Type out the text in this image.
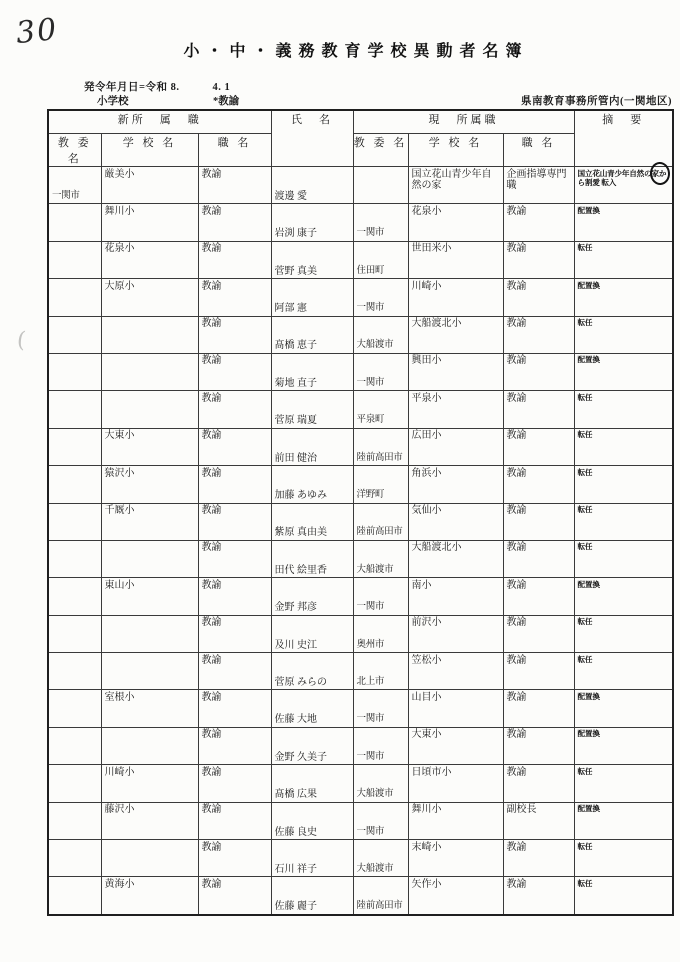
30
小・中・義務教育学校異動者名簿
発令年月日=令和 8.　　　4. 1
小学校	*教諭	県南教育事務所管内(一関地区)
新所　属　職			氏　名	現　所属職			摘　要
教 委 名	学 校 名	職 名		教 委 名	学 校 名	職 名	

一関市	厳美小	教諭	渡邊 愛		国立花山青少年自然の家	企画指導専門職	国立花山青少年自然の家から割愛 転入

	舞川小	教諭	岩渕 康子	一関市	花泉小	教諭	配置換

	花泉小	教諭	菅野 真美	住田町	世田米小	教諭	転任

	大原小	教諭	阿部 憲	一関市	川崎小	教諭	配置換

		教諭	髙橋 恵子	大船渡市	大船渡北小	教諭	転任

		教諭	菊地 直子	一関市	興田小	教諭	配置換

		教諭	菅原 瑞夏	平泉町	平泉小	教諭	転任

	大東小	教諭	前田 健治	陸前高田市	広田小	教諭	転任

	猿沢小	教諭	加藤 あゆみ	洋野町	角浜小	教諭	転任

	千厩小	教諭	紫原 真由美	陸前高田市	気仙小	教諭	転任

		教諭	田代 絵里香	大船渡市	大船渡北小	教諭	転任

	東山小	教諭	金野 邦彦	一関市	南小	教諭	配置換

		教諭	及川 史江	奥州市	前沢小	教諭	転任

		教諭	菅原 みらの	北上市	笠松小	教諭	転任

	室根小	教諭	佐藤 大地	一関市	山目小	教諭	配置換

		教諭	金野 久美子	一関市	大東小	教諭	配置換

	川崎小	教諭	髙橋 広果	大船渡市	日頃市小	教諭	転任

	藤沢小	教諭	佐藤 良史	一関市	舞川小	副校長	配置換

		教諭	石川 祥子	大船渡市	末崎小	教諭	転任

	黄海小	教諭	佐藤 麗子	陸前高田市	矢作小	教諭	転任
(
